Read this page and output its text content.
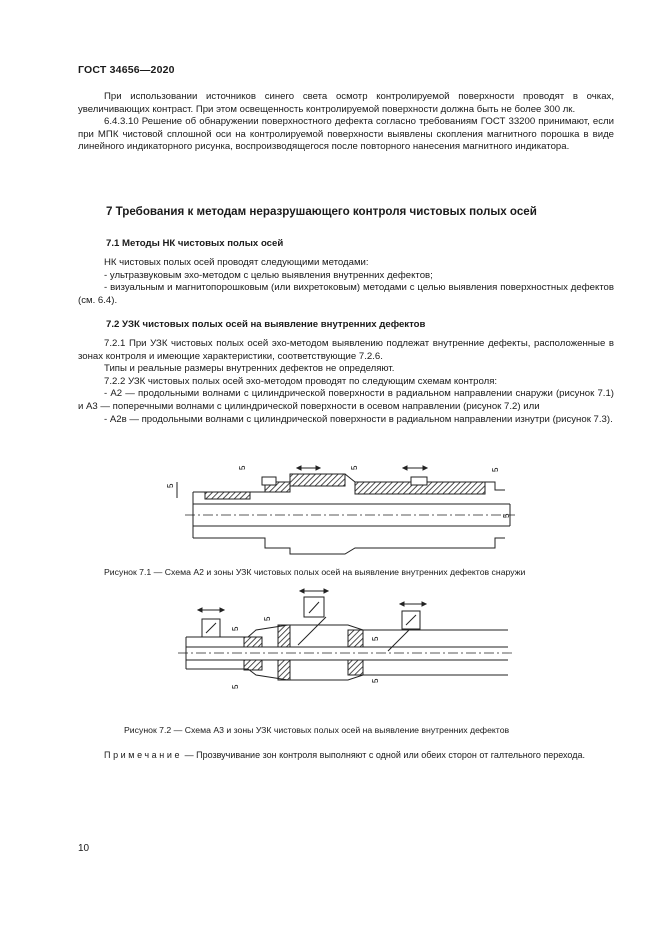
ГОСТ 34656—2020

При использовании источников синего света осмотр контролируемой поверхности проводят в очках, увеличивающих контраст. При этом освещенность контролируемой поверхности должна быть не более 300 лк.

6.4.3.10 Решение об обнаружении поверхностного дефекта согласно требованиям ГОСТ 33200 принимают, если при МПК чистовой сплошной оси на контролируемой поверхности выявлены скопления магнитного порошка в виде линейного индикаторного рисунка, воспроизводящегося после повторного нанесения магнитного индикатора.

7 Требования к методам неразрушающего контроля чистовых полых осей
7.1 Методы НК чистовых полых осей

НК чистовых полых осей проводят следующими методами:

- ультразвуковым эхо-методом с целью выявления внутренних дефектов;

- визуальным и магнитопорошковым (или вихретоковым) методами с целью выявления поверхностных дефектов (см. 6.4).

7.2 УЗК чистовых полых осей на выявление внутренних дефектов

7.2.1 При УЗК чистовых полых осей эхо-методом выявлению подлежат внутренние дефекты, расположенные в зонах контроля и имеющие характеристики, соответствующие 7.2.6.

Типы и реальные размеры внутренних дефектов не определяют.

7.2.2 УЗК чистовых полых осей эхо-методом проводят по следующим схемам контроля:

- А2 — продольными волнами с цилиндрической поверхности в радиальном направлении снаружи (рисунок 7.1) и А3 — поперечными волнами с цилиндрической поверхности в осевом направлении (рисунок 7.2) или

- А2в — продольными волнами с цилиндрической поверхности в радиальном направлении изнутри (рисунок 7.3).

5
5	5	5
5
Рисунок 7.1 — Схема А2 и зоны УЗК чистовых полых осей на выявление внутренних дефектов снаружи
5
5
5
5
5
Рисунок 7.2 — Схема А3 и зоны УЗК чистовых полых осей на выявление внутренних дефектов
Примечание — Прозвучивание зон контроля выполняют с одной или обеих сторон от галтельного перехода.
10
